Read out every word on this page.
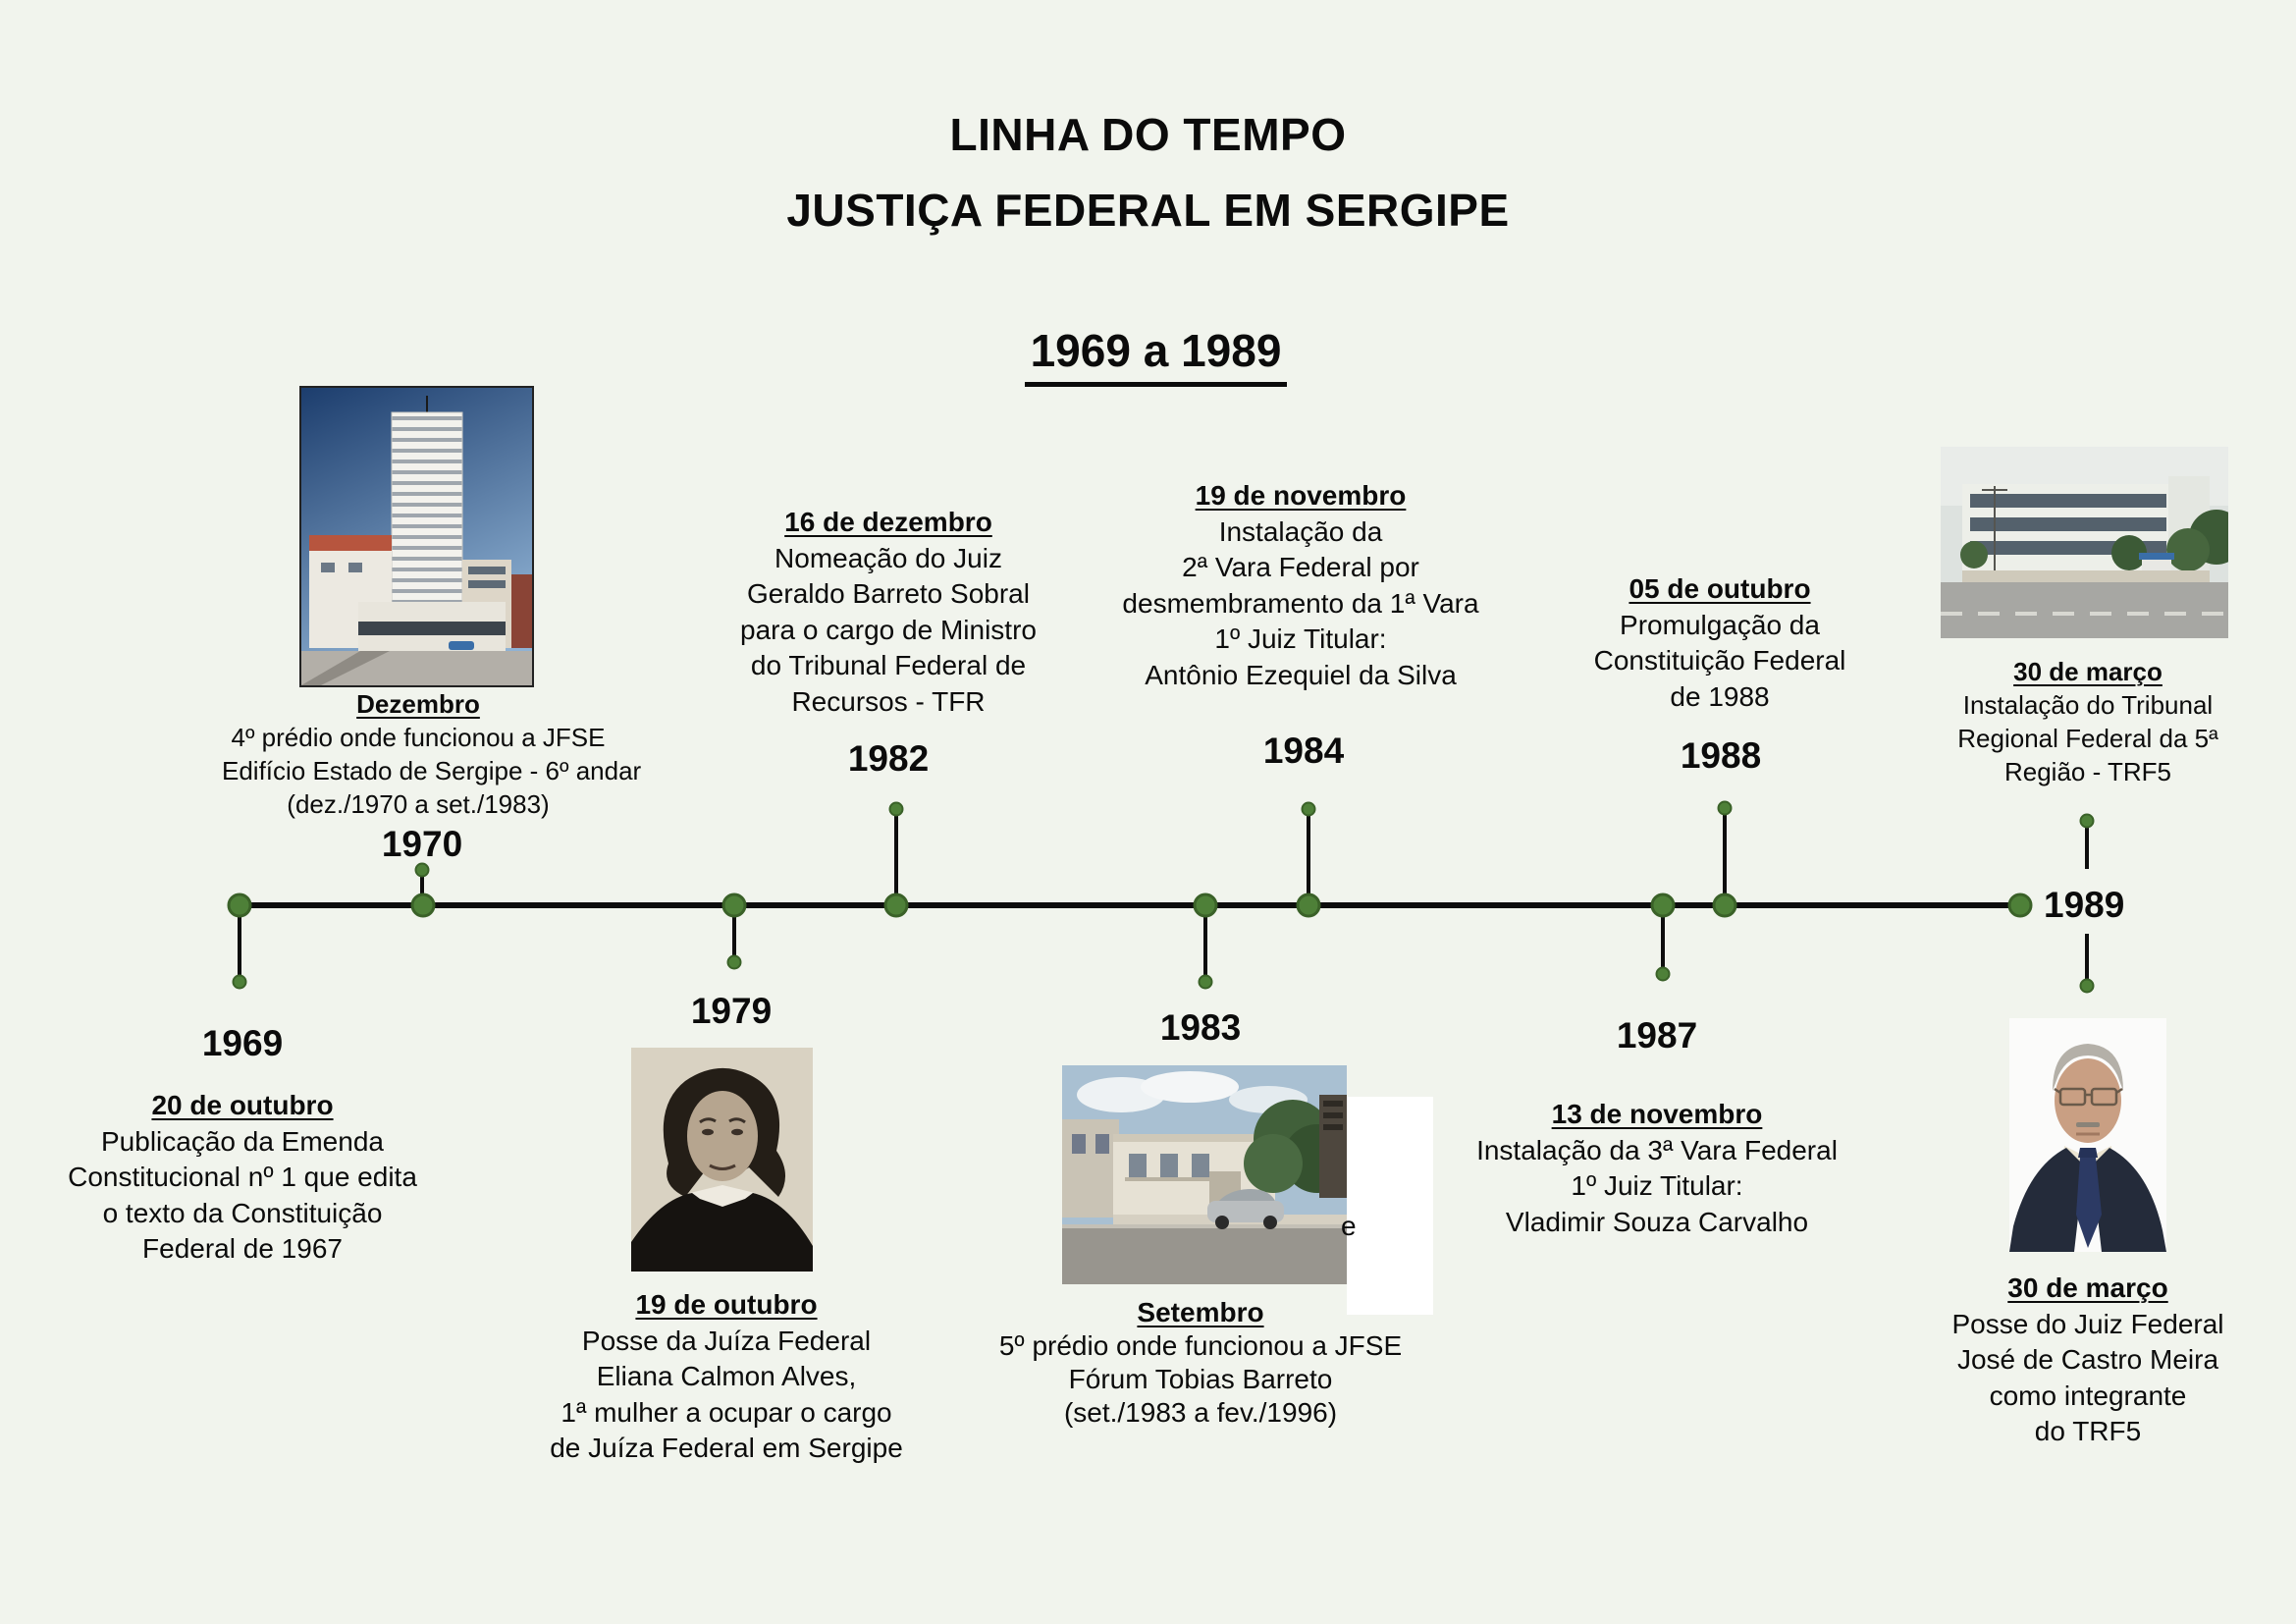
LINHA DO TEMPO
JUSTIÇA FEDERAL EM SERGIPE
1969 a 1989
1969
1970
1979
1982
1983
1984
1987
1988
1989
20 de outubro
Publicação da Emenda
Constitucional nº 1 que edita
o texto da Constituição
Federal de 1967
Dezembro
4º prédio onde funcionou a JFSE
Edifício Estado de Sergipe - 6º andar
(dez./1970 a set./1983)
19 de outubro
Posse da Juíza Federal
Eliana Calmon Alves,
1ª mulher a ocupar o cargo
de Juíza Federal em Sergipe
16 de dezembro
Nomeação do Juiz
Geraldo Barreto Sobral
para o cargo de Ministro
do Tribunal Federal de
Recursos - TFR
e
Setembro
5º prédio onde funcionou a JFSE
Fórum Tobias Barreto
(set./1983 a fev./1996)
19 de novembro
Instalação da
2ª Vara Federal por
desmembramento da 1ª Vara
1º Juiz Titular:
Antônio Ezequiel da Silva
13 de novembro
Instalação da 3ª Vara Federal
1º Juiz Titular:
Vladimir Souza Carvalho
05 de outubro
Promulgação da
Constituição Federal
de 1988
30 de março
Instalação do Tribunal
Regional Federal da 5ª
Região - TRF5
30 de março
Posse do Juiz Federal
José de Castro Meira
como integrante
do TRF5
